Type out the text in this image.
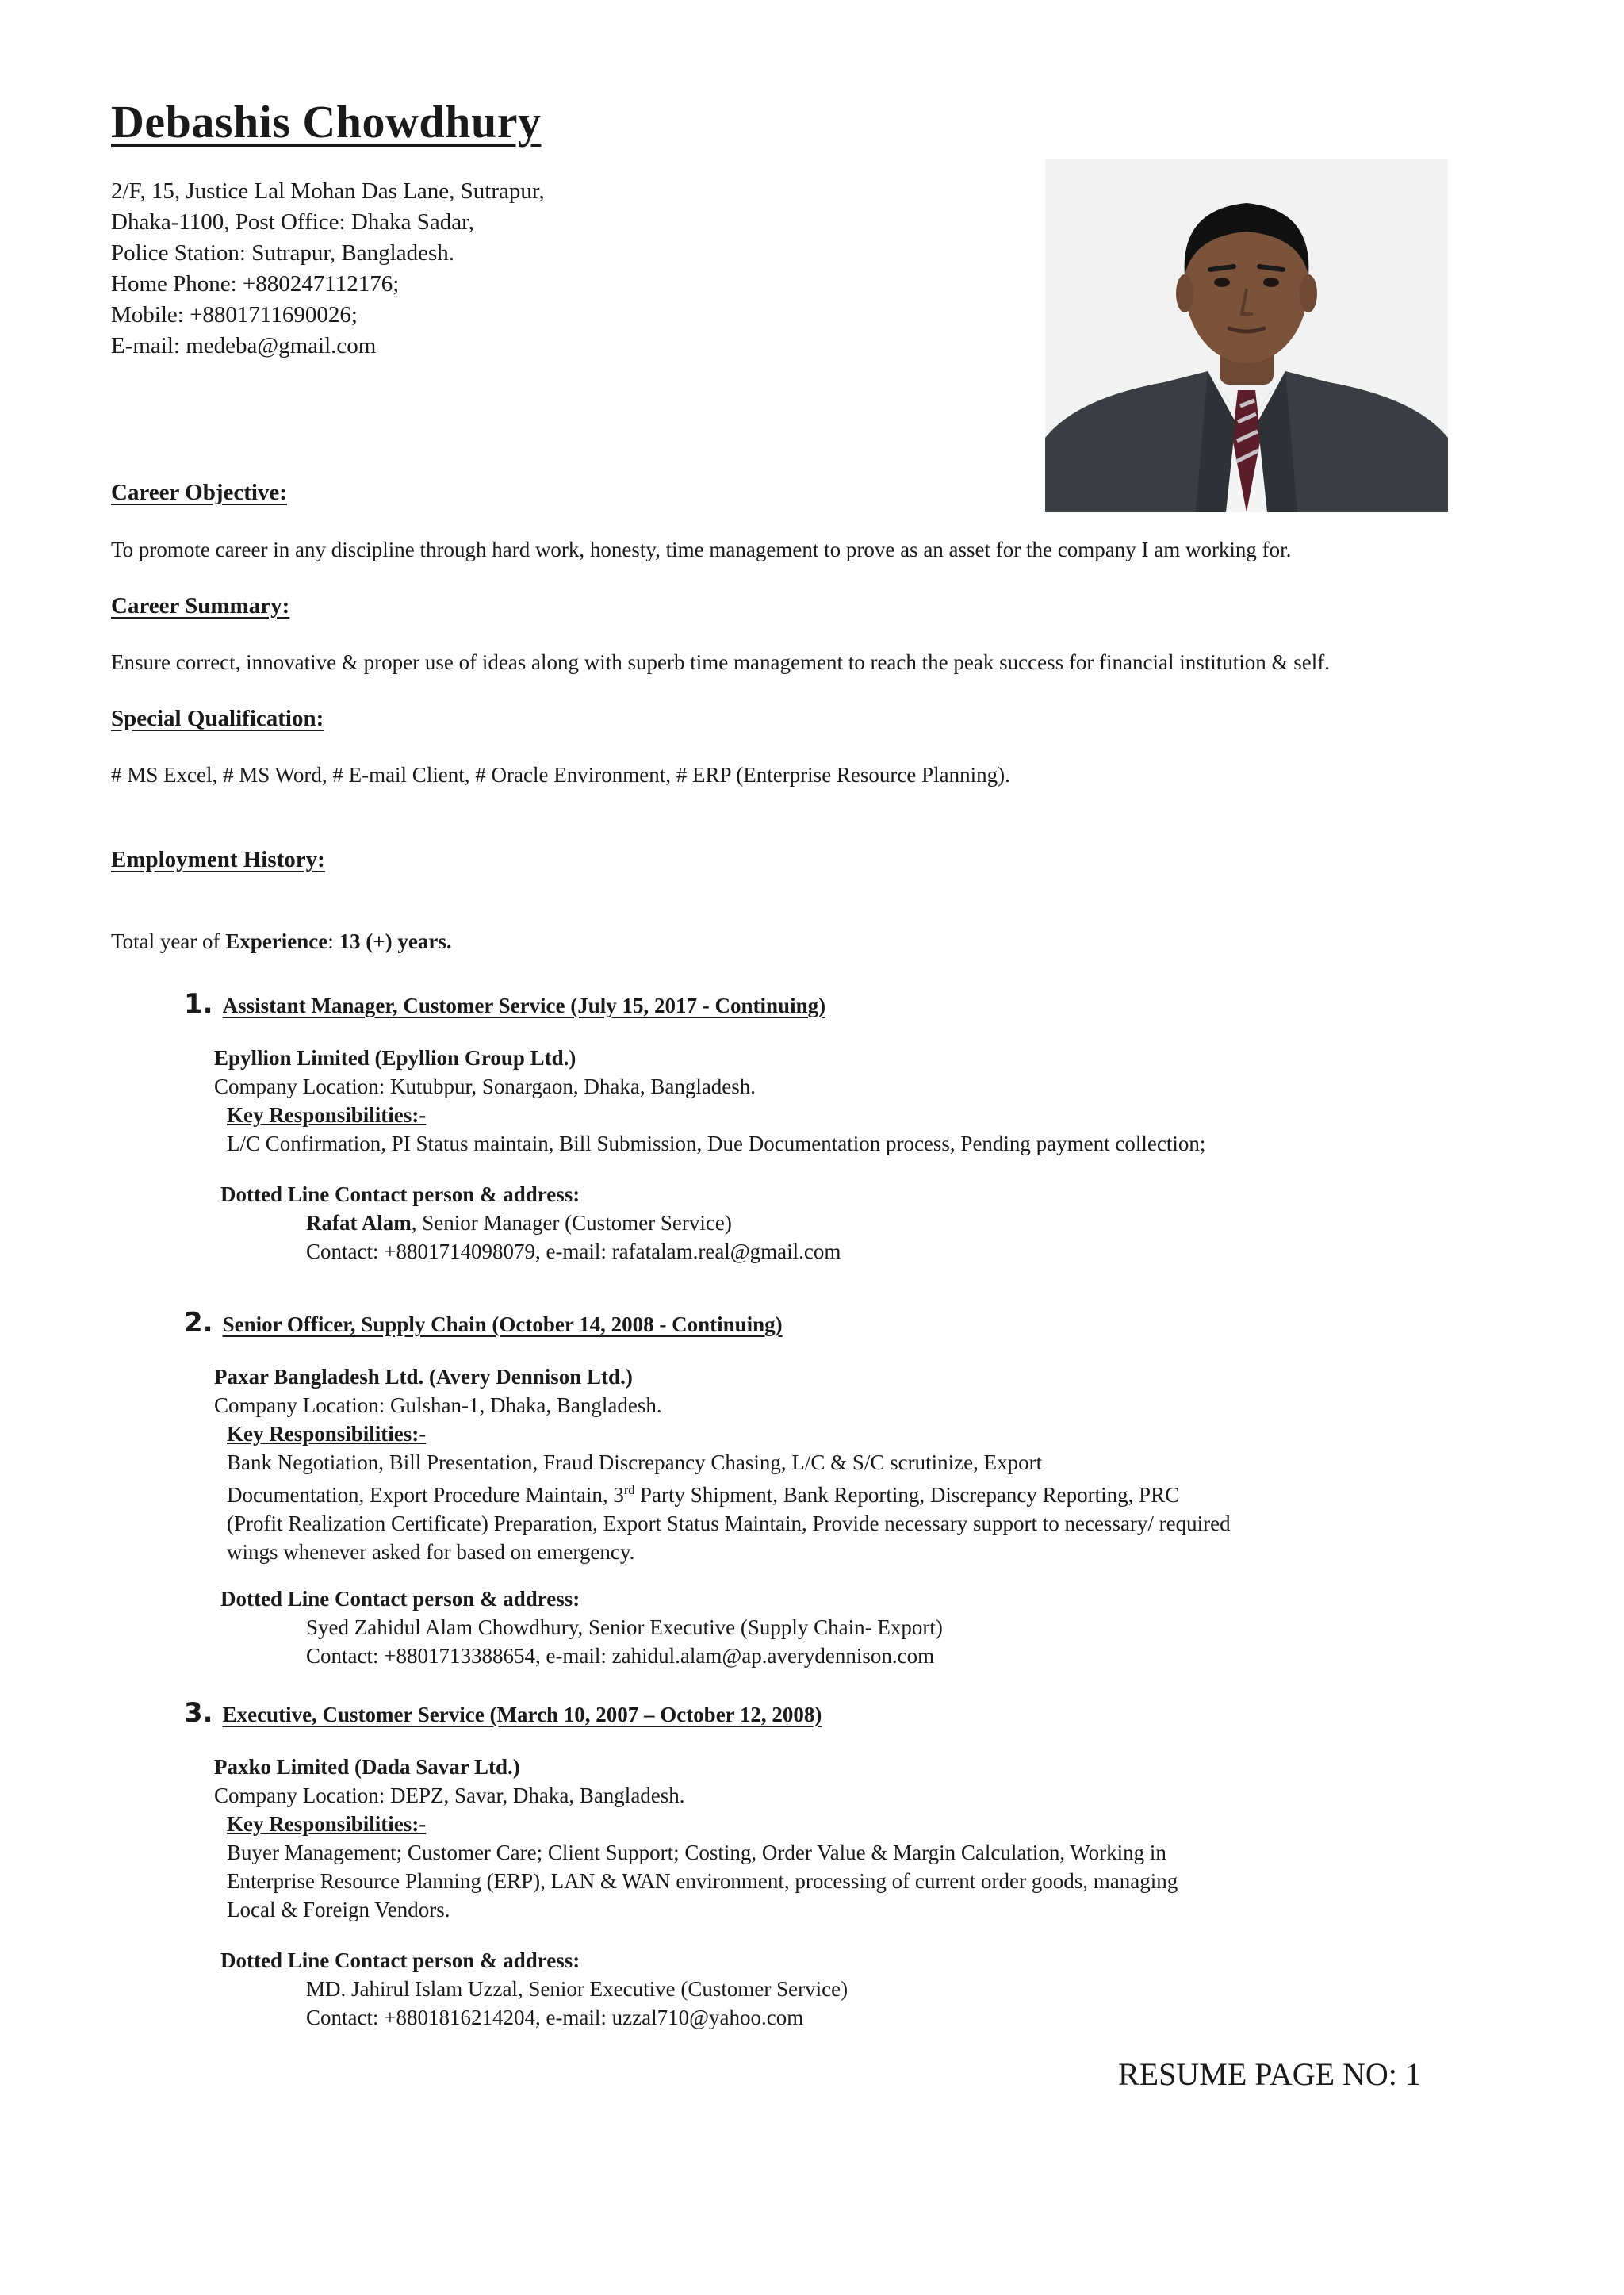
Debashis Chowdhury
2/F, 15, Justice Lal Mohan Das Lane, Sutrapur,
Dhaka-1100, Post Office: Dhaka Sadar,
Police Station: Sutrapur, Bangladesh.
Home Phone: +880247112176;
Mobile: +8801711690026;
E-mail: medeba@gmail.com
Career Objective:
To promote career in any discipline through hard work, honesty, time management to prove as an asset for the company I am working for.
Career Summary:
Ensure correct, innovative & proper use of ideas along with superb time management to reach the peak success for financial institution & self.
Special Qualification:
# MS Excel, # MS Word, # E-mail Client, # Oracle Environment, # ERP (Enterprise Resource Planning).
Employment History:
Total year of Experience: 13 (+) years.
1. Assistant Manager, Customer Service (July 15, 2017 - Continuing)
Epyllion Limited (Epyllion Group Ltd.)
Company Location: Kutubpur, Sonargaon, Dhaka, Bangladesh.
Key Responsibilities:-
L/C Confirmation, PI Status maintain, Bill Submission, Due Documentation process, Pending payment collection;
Dotted Line Contact person & address:
Rafat Alam, Senior Manager (Customer Service)
Contact: +8801714098079, e-mail: rafatalam.real@gmail.com
2. Senior Officer, Supply Chain (October 14, 2008 - Continuing)
Paxar Bangladesh Ltd. (Avery Dennison Ltd.)
Company Location: Gulshan-1, Dhaka, Bangladesh.
Key Responsibilities:-
Bank Negotiation, Bill Presentation, Fraud Discrepancy Chasing, L/C & S/C scrutinize, Export
Documentation, Export Procedure Maintain, 3rd Party Shipment, Bank Reporting, Discrepancy Reporting, PRC
(Profit Realization Certificate) Preparation, Export Status Maintain, Provide necessary support to necessary/ required
wings whenever asked for based on emergency.
Dotted Line Contact person & address:
Syed Zahidul Alam Chowdhury, Senior Executive (Supply Chain- Export)
Contact: +8801713388654, e-mail: zahidul.alam@ap.averydennison.com
3. Executive, Customer Service (March 10, 2007 – October 12, 2008)
Paxko Limited (Dada Savar Ltd.)
Company Location: DEPZ, Savar, Dhaka, Bangladesh.
Key Responsibilities:-
Buyer Management; Customer Care; Client Support; Costing, Order Value & Margin Calculation, Working in
Enterprise Resource Planning (ERP), LAN & WAN environment, processing of current order goods, managing
Local & Foreign Vendors.
Dotted Line Contact person & address:
MD. Jahirul Islam Uzzal, Senior Executive (Customer Service)
Contact: +8801816214204, e-mail: uzzal710@yahoo.com
RESUME PAGE NO: 1
